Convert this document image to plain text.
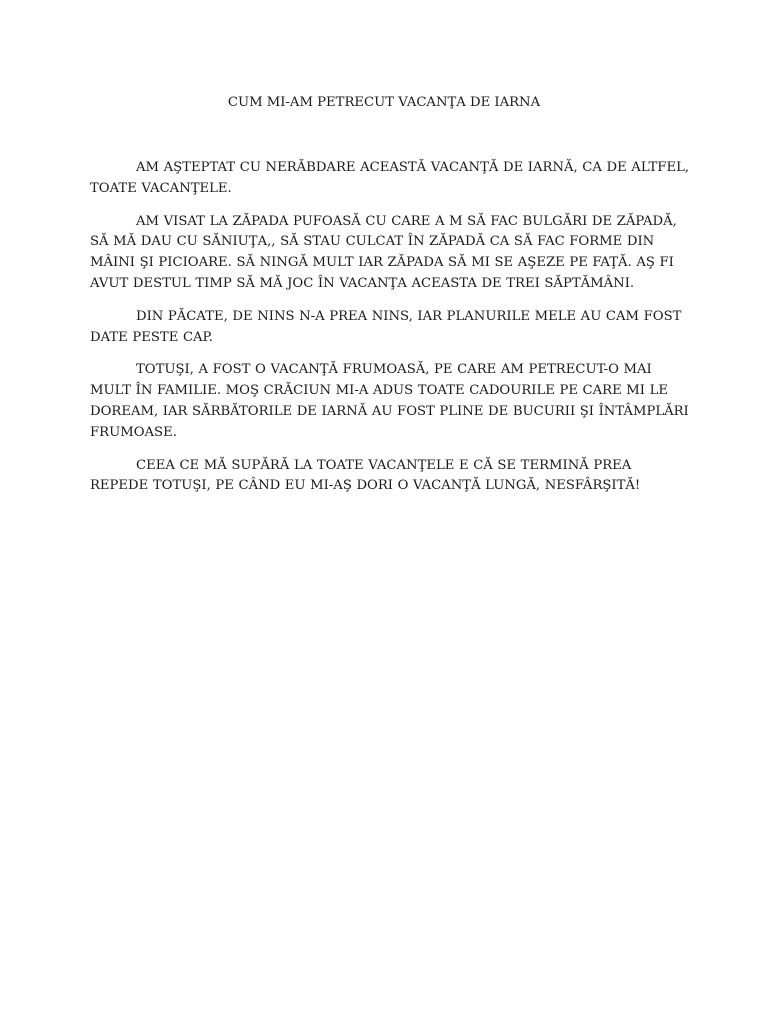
CUM MI-AM PETRECUT VACANŢA DE IARNA

AM AŞTEPTAT CU NERĂBDARE ACEASTĂ VACANŢĂ DE IARNĂ, CA DE ALTFEL, TOATE VACANŢELE.

AM VISAT LA ZĂPADA PUFOASĂ CU CARE A M SĂ FAC BULGĂRI DE ZĂPADĂ, SĂ MĂ DAU CU SĂNIUŢA,, SĂ STAU CULCAT ÎN ZĂPADĂ CA SĂ FAC FORME DIN MÂINI ŞI PICIOARE. SĂ NINGĂ MULT IAR ZĂPADA SĂ MI SE AŞEZE PE FAŢĂ. AŞ FI AVUT DESTUL TIMP SĂ MĂ JOC ÎN VACANŢA ACEASTA DE TREI SĂPTĂMÂNI.

DIN PĂCATE, DE NINS N-A PREA NINS, IAR PLANURILE MELE AU CAM FOST DATE PESTE CAP.

TOTUŞI, A FOST O VACANŢĂ FRUMOASĂ, PE CARE AM PETRECUT-O MAI MULT ÎN FAMILIE. MOŞ CRĂCIUN MI-A ADUS TOATE CADOURILE PE CARE MI LE DOREAM, IAR SĂRBĂTORILE DE IARNĂ AU FOST PLINE DE BUCURII ŞI ÎNTÂMPLĂRI FRUMOASE.

CEEA CE MĂ SUPĂRĂ LA TOATE VACANŢELE E CĂ SE TERMINĂ PREA REPEDE TOTUŞI, PE CÂND EU MI-AŞ DORI O VACANŢĂ LUNGĂ, NESFÂRŞITĂ!
